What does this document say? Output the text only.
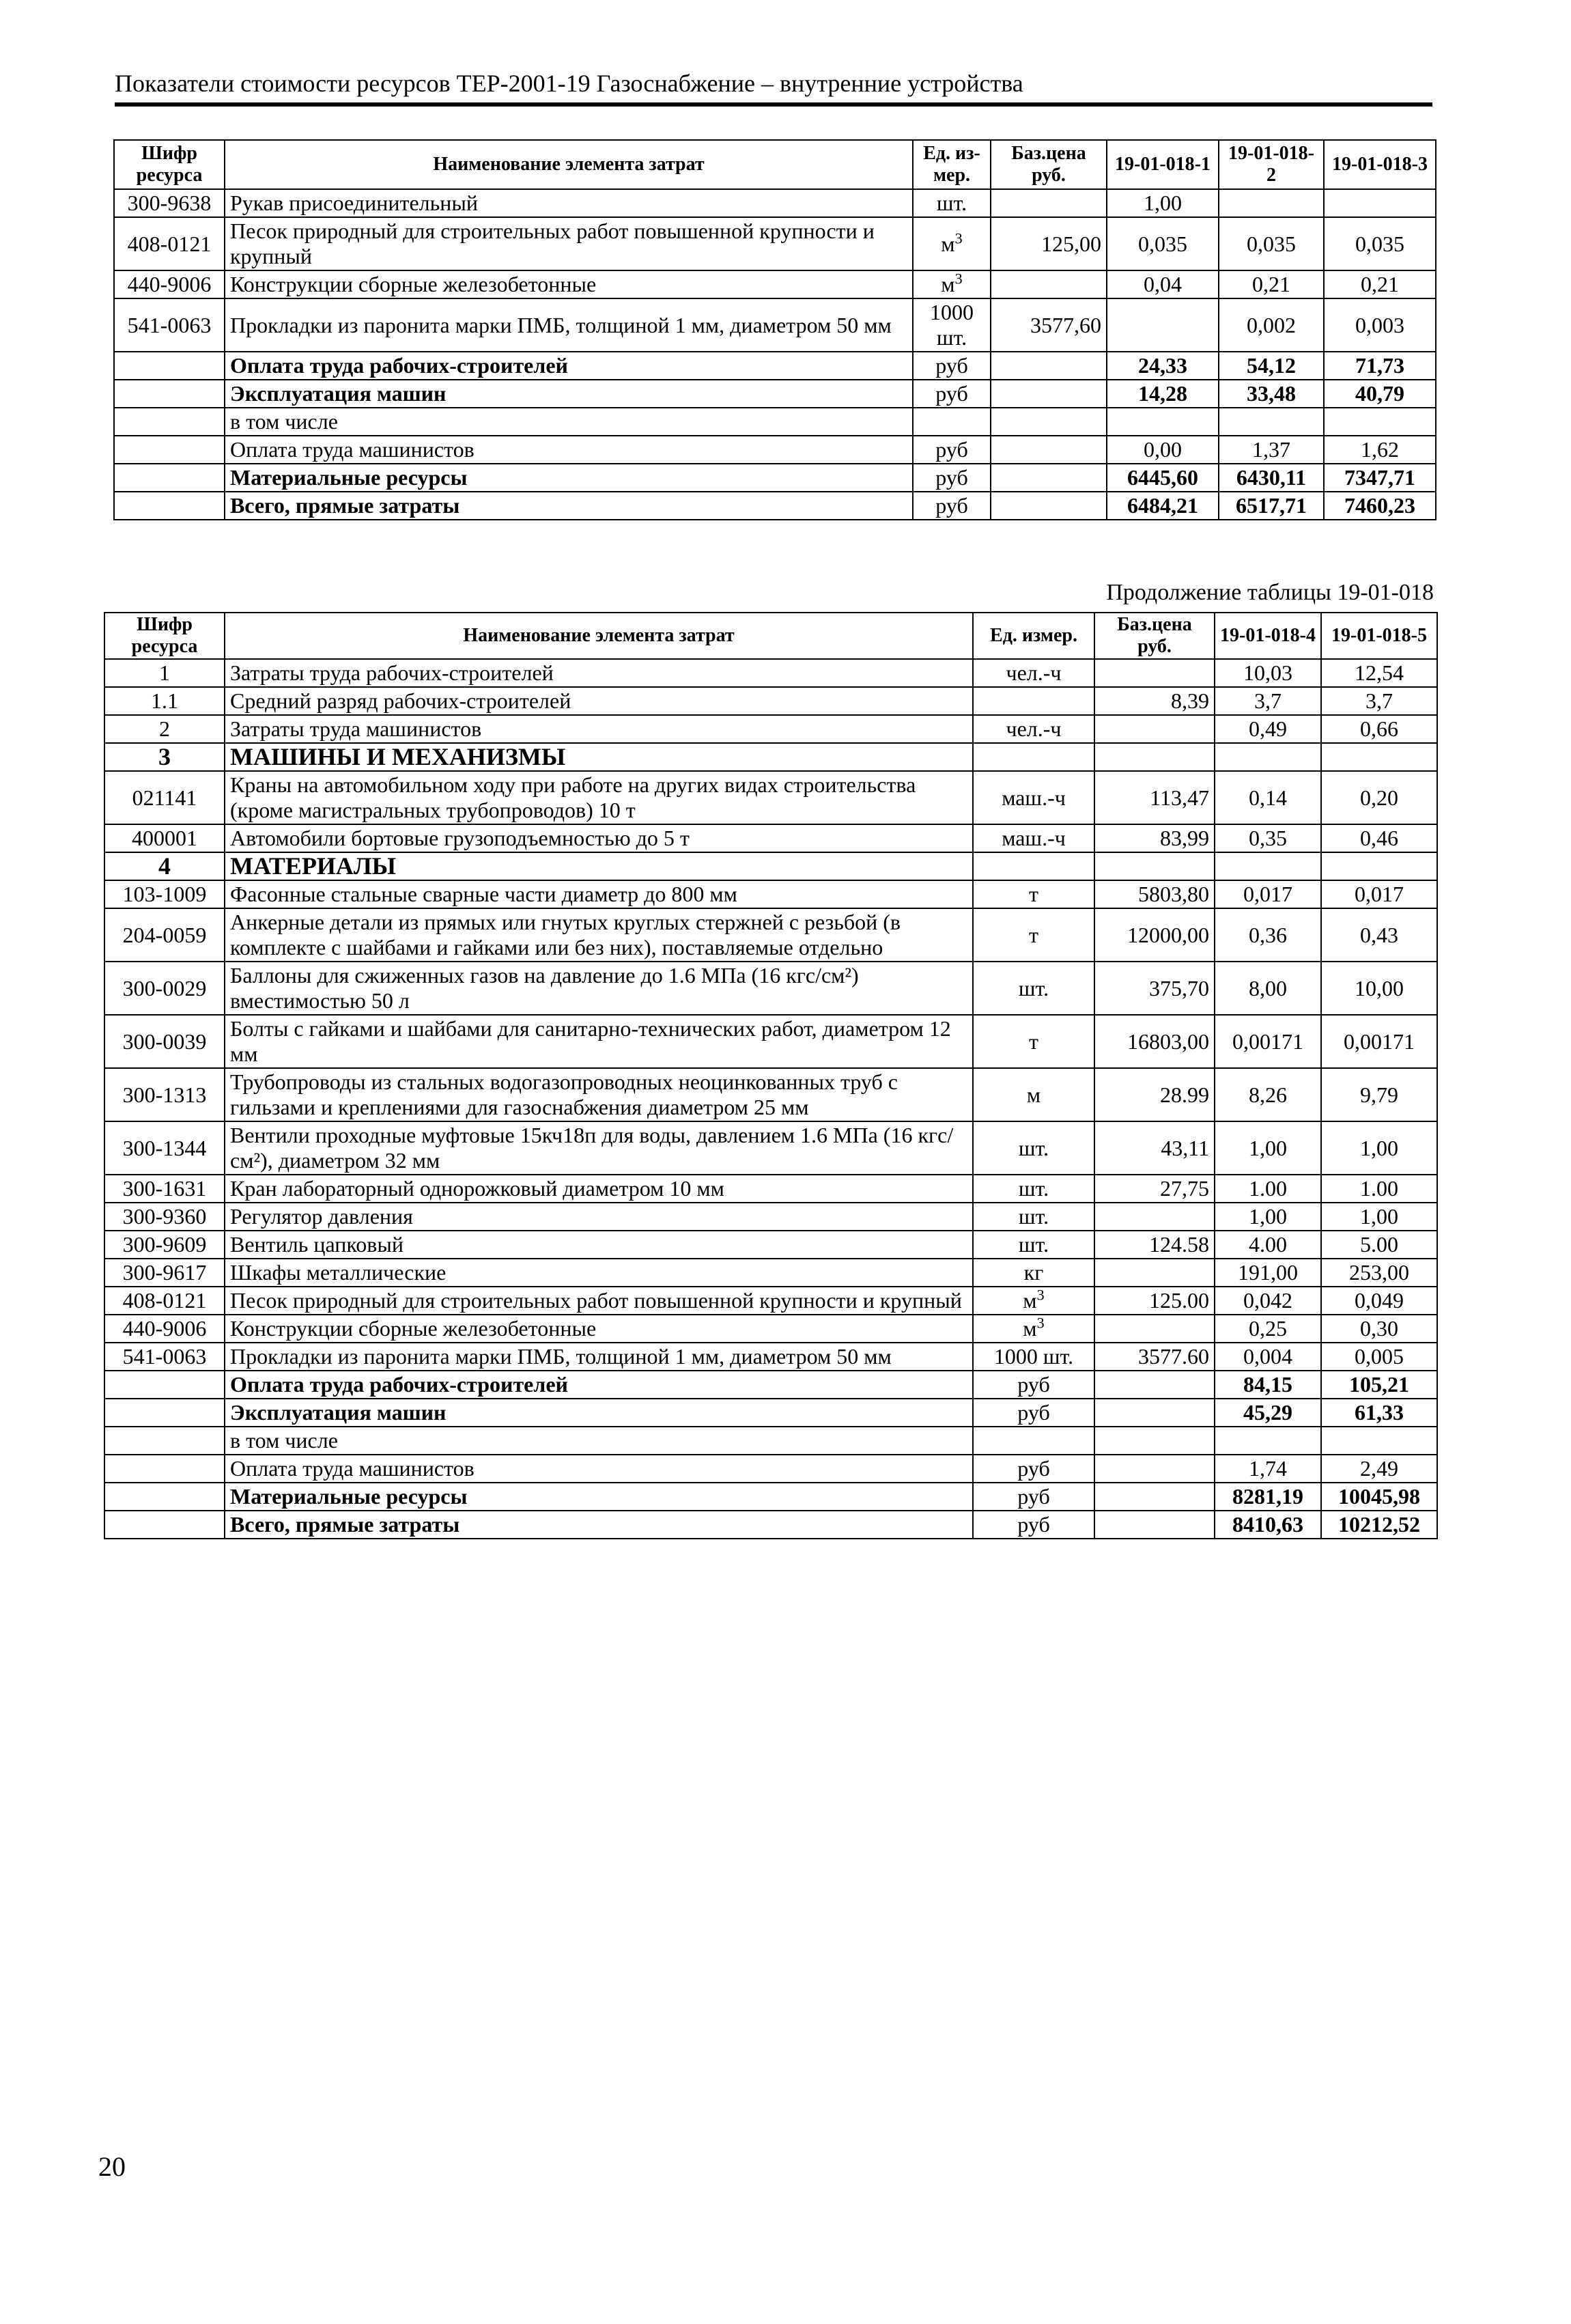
Показатели стоимости ресурсов ТЕР-2001-19 Газоснабжение – внутренние устройства
Шифр ресурса	Наименование элемента затрат	Ед. из-мер.	Баз.цена руб.	19-01-018-1	19-01-018-2	19-01-018-3
300-9638	Рукав присоединительный	шт.		1,00		
408-0121	Песок природный для строительных работ повышенной крупности и крупный	$м^3$	125,00	0,035	0,035	0,035
440-9006	Конструкции сборные железобетонные	$м^3$		0,04	0,21	0,21
541-0063	Прокладки из паронита марки ПМБ, толщиной 1 мм, диаметром 50 мм	1000 шт.	3577,60		0,002	0,003
	Оплата труда рабочих-строителей	руб		24,33	54,12	71,73
	Эксплуатация машин	руб		14,28	33,48	40,79
	в том числе					
	Оплата труда машинистов	руб		0,00	1,37	1,62
	Материальные ресурсы	руб		6445,60	6430,11	7347,71
	Всего, прямые затраты	руб		6484,21	6517,71	7460,23
Продолжение таблицы 19-01-018
Шифр ресурса	Наименование элемента затрат	Ед. измер.	Баз.цена руб.	19-01-018-4	19-01-018-5
1	Затраты труда рабочих-строителей	чел.-ч		10,03	12,54
1.1	Средний разряд рабочих-строителей		8,39	3,7	3,7
2	Затраты труда машинистов	чел.-ч		0,49	0,66
3	МАШИНЫ И МЕХАНИЗМЫ				
021141	Краны на автомобильном ходу при работе на других видах строительства (кроме магистральных трубопроводов) 10 т	маш.-ч	113,47	0,14	0,20
400001	Автомобили бортовые грузоподъемностью до 5 т	маш.-ч	83,99	0,35	0,46
4	МАТЕРИАЛЫ				
103-1009	Фасонные стальные сварные части диаметр до 800 мм	т	5803,80	0,017	0,017
204-0059	Анкерные детали из прямых или гнутых круглых стержней с резьбой (в комплекте с шайбами и гайками или без них), поставляемые отдельно	т	12000,00	0,36	0,43
300-0029	Баллоны для сжиженных газов на давление до 1.6 МПа (16 кгс/см²) вместимостью 50 л	шт.	375,70	8,00	10,00
300-0039	Болты с гайками и шайбами для санитарно-технических работ, диаметром 12 мм	т	16803,00	0,00171	0,00171
300-1313	Трубопроводы из стальных водогазопроводных неоцинкованных труб с гильзами и креплениями для газоснабжения диаметром 25 мм	м	28.99	8,26	9,79
300-1344	Вентили проходные муфтовые 15кч18п для воды, давлением 1.6 МПа (16 кгс/см²), диаметром 32 мм	шт.	43,11	1,00	1,00
300-1631	Кран лабораторный однорожковый диаметром 10 мм	шт.	27,75	1.00	1.00
300-9360	Регулятор давления	шт.		1,00	1,00
300-9609	Вентиль цапковый	шт.	124.58	4.00	5.00
300-9617	Шкафы металлические	кг		191,00	253,00
408-0121	Песок природный для строительных работ повышенной крупности и крупный	$м^3$	125.00	0,042	0,049
440-9006	Конструкции сборные железобетонные	$м^3$		0,25	0,30
541-0063	Прокладки из паронита марки ПМБ, толщиной 1 мм, диаметром 50 мм	1000 шт.	3577.60	0,004	0,005
	Оплата труда рабочих-строителей	руб		84,15	105,21
	Эксплуатация машин	руб		45,29	61,33
	в том числе				
	Оплата труда машинистов	руб		1,74	2,49
	Материальные ресурсы	руб		8281,19	10045,98
	Всего, прямые затраты	руб		8410,63	10212,52
20
